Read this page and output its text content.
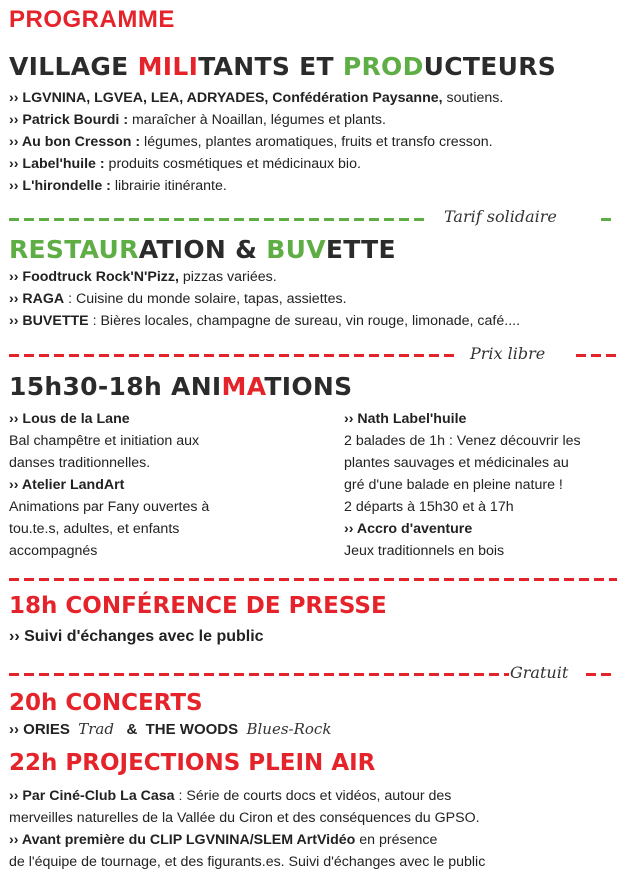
PROGRAMME
VILLAGE MILITANTS ET PRODUCTEURS
›› LGVNINA, LGVEA, LEA, ADRYADES, Confédération Paysanne, soutiens.
›› Patrick Bourdi : maraîcher à Noaillan, légumes et plants.
›› Au bon Cresson : légumes, plantes aromatiques, fruits et transfo cresson.
›› Label'huile : produits cosmétiques et médicinaux bio.
›› L'hirondelle : librairie itinérante.
Tarif solidaire
RESTAURATION & BUVETTE
›› Foodtruck Rock'N'Pizz, pizzas variées.
›› RAGA : Cuisine du monde solaire, tapas, assiettes.
›› BUVETTE : Bières locales, champagne de sureau, vin rouge, limonade, café....
Prix libre
15h30-18h ANIMATIONS
›› Lous de la Lane
Bal champêtre et initiation aux
danses traditionnelles.
›› Atelier LandArt
Animations par Fany ouvertes à
tou.te.s, adultes, et enfants
accompagnés
›› Nath Label'huile
2 balades de 1h : Venez découvrir les
plantes sauvages et médicinales au
gré d'une balade en pleine nature !
2 départs à 15h30 et à 17h
›› Accro d'aventure
Jeux traditionnels en bois
18h CONFÉRENCE DE PRESSE
›› Suivi d'échanges avec le public
Gratuit
20h CONCERTS
›› ORIES Trad & THE WOODS Blues-Rock
22h PROJECTIONS PLEIN AIR
›› Par Ciné-Club La Casa : Série de courts docs et vidéos, autour des
merveilles naturelles de la Vallée du Ciron et des conséquences du GPSO.
›› Avant première du CLIP LGVNINA/SLEM ArtVidéo en présence
de l'équipe de tournage, et des figurants.es. Suivi d'échanges avec le public
